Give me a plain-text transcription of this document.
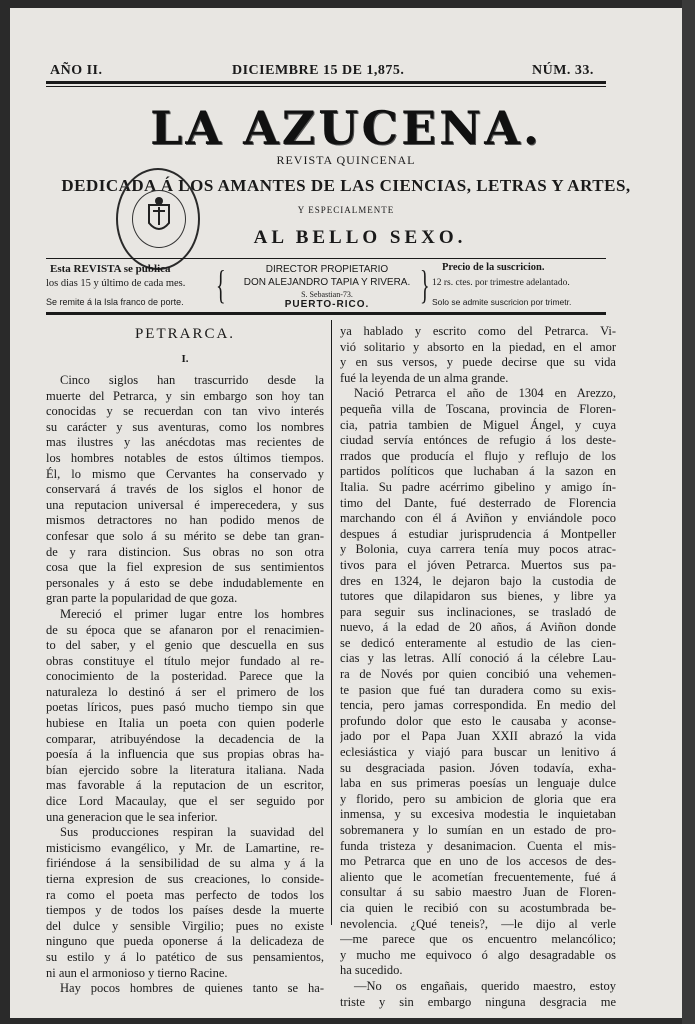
AÑO II.	DICIEMBRE 15 DE 1,875.	NÚM. 33.
LA AZUCENA.
REVISTA QUINCENAL
DEDICADA Á LOS AMANTES DE LAS CIENCIAS, LETRAS Y ARTES,
Y ESPECIALMENTE
AL BELLO SEXO.
Esta REVISTA se publica
los dias 15 y último de cada mes.
Se remite á la Isla franco de porte.
DIRECTOR PROPIETARIO
DON ALEJANDRO TAPIA Y RIVERA.
S. Sebastian-73.
PUERTO-RICO.
Precio de la suscricion.
12 rs. ctes. por trimestre adelantado.
Solo se admite suscricion por trimetr.
{	}
PETRARCA.
I.
Cinco siglos han trascurrido desde la
muerte del Petrarca, y sin embargo son hoy tan
conocidas y se recuerdan con tan vivo interés
su carácter y sus aventuras, como los nombres
mas ilustres y las anécdotas mas recientes de
los hombres notables de estos últimos tiempos.
Él, lo mismo que Cervantes ha conservado y
conservará á través de los siglos el honor de
una reputacion universal é imperecedera, y sus
mismos detractores no han podido menos de
confesar que solo á su mérito se debe tan gran-
de y rara distincion. Sus obras no son otra
cosa que la fiel expresion de sus sentimientos
personales y á esto se debe indudablemente en
gran parte la popularidad de que goza.
Mereció el primer lugar entre los hombres
de su época que se afanaron por el renacimien-
to del saber, y el genio que descuella en sus
obras constituye el título mejor fundado al re-
conocimiento de la posteridad. Parece que la
naturaleza lo destinó á ser el primero de los
poetas líricos, pues pasó mucho tiempo sin que
hubiese en Italia un poeta con quien poderle
comparar, atribuyéndose la decadencia de la
poesía á la influencia que sus propias obras ha-
bían ejercido sobre la literatura italiana. Nada
mas favorable á la reputacion de un escritor,
dice Lord Macaulay, que el ser seguido por
una generacion que le sea inferior.
Sus producciones respiran la suavidad del
misticismo evangélico, y Mr. de Lamartine, re-
firiéndose á la sensibilidad de su alma y á la
tierna expresion de sus creaciones, lo conside-
ra como el poeta mas perfecto de todos los
tiempos y de todos los países desde la muerte
del dulce y sensible Virgilio; pues no existe
ninguno que pueda oponerse á la delicadeza de
su estilo y á lo patético de sus pensamientos,
ni aun el armonioso y tierno Racine.
Hay pocos hombres de quienes tanto se ha-
ya hablado y escrito como del Petrarca. Vi-
vió solitario y absorto en la piedad, en el amor
y en sus versos, y puede decirse que su vida
fué la leyenda de un alma grande.
Nació Petrarca el año de 1304 en Arezzo,
pequeña villa de Toscana, provincia de Floren-
cia, patria tambien de Miguel Ángel, y cuya
ciudad servía entónces de refugio á los deste-
rrados que producía el flujo y reflujo de los
partidos políticos que luchaban á la sazon en
Italia. Su padre acérrimo gibelino y amigo ín-
timo del Dante, fué desterrado de Florencia
marchando con él á Aviñon y enviándole poco
despues á estudiar jurisprudencia á Montpeller
y Bolonia, cuya carrera tenía muy pocos atrac-
tivos para el jóven Petrarca. Muertos sus pa-
dres en 1324, le dejaron bajo la custodia de
tutores que dilapidaron sus bienes, y libre ya
para seguir sus inclinaciones, se trasladó de
nuevo, á la edad de 20 años, á Aviñon donde
se dedicó enteramente al estudio de las cien-
cias y las letras. Allí conoció á la célebre Lau-
ra de Novés por quien concibió una vehemen-
te pasion que fué tan duradera como su exis-
tencia, pero jamas correspondida. En medio del
profundo dolor que esto le causaba y aconse-
jado por el Papa Juan XXII abrazó la vida
eclesiástica y viajó para buscar un lenitivo á
su desgraciada pasion. Jóven todavía, exha-
laba en sus primeras poesías un lenguaje dulce
y florido, pero su ambicion de gloria que era
inmensa, y su excesiva modestia le inquietaban
sobremanera y lo sumían en un estado de pro-
funda tristeza y desanimacion. Cuenta el mis-
mo Petrarca que en uno de los accesos de des-
aliento que le acometían frecuentemente, fué á
consultar á su sabio maestro Juan de Floren-
cia quien le recibió con su acostumbrada be-
nevolencia. ¿Qué teneis?, —le dijo al verle
—me parece que os encuentro melancólico;
y mucho me equivoco ó algo desagradable os
ha sucedido.
—No os engañais, querido maestro, estoy
triste y sin embargo ninguna desgracia me
